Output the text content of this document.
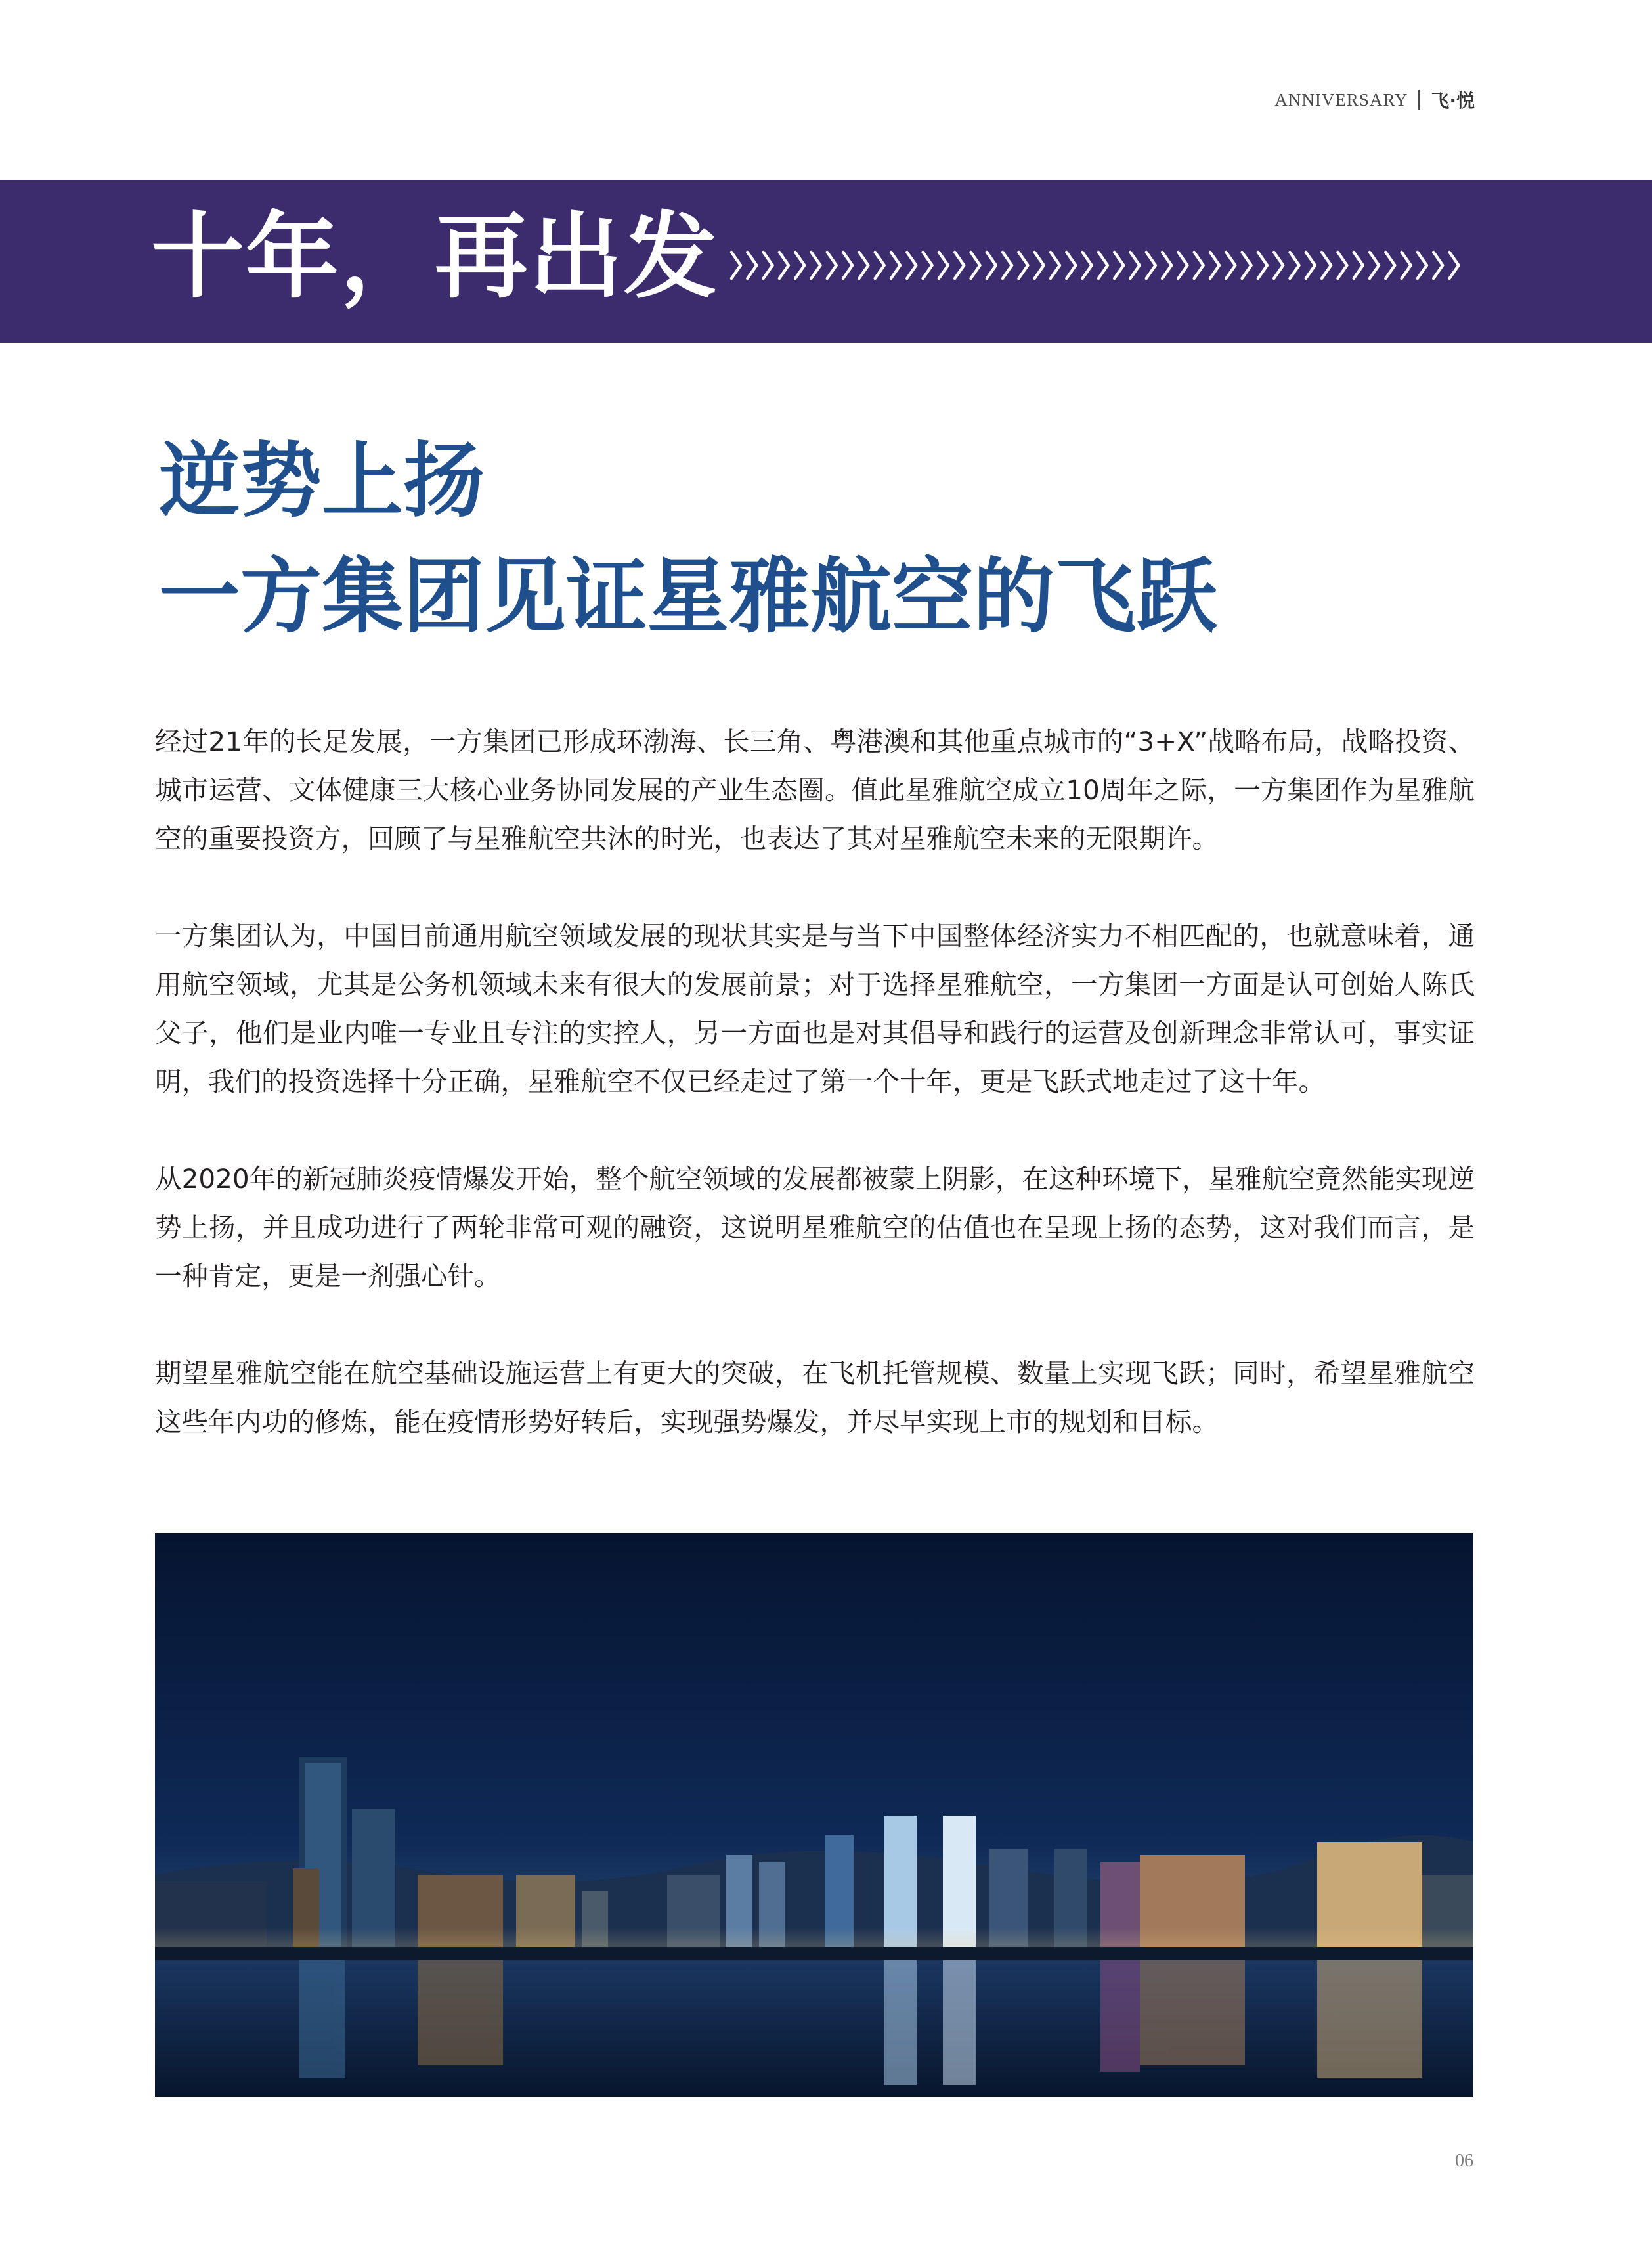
ANNIVERSARY 飞·悦
十年，再出发
逆势上扬
一方集团见证星雅航空的飞跃

经过21年的长足发展，一方集团已形成环渤海、长三角、粤港澳和其他重点城市的“3+X”战略布局，战略投资、城市运营、文体健康三大核心业务协同发展的产业生态圈。值此星雅航空成立10周年之际，一方集团作为星雅航空的重要投资方，回顾了与星雅航空共沐的时光，也表达了其对星雅航空未来的无限期许。

一方集团认为，中国目前通用航空领域发展的现状其实是与当下中国整体经济实力不相匹配的，也就意味着，通用航空领域，尤其是公务机领域未来有很大的发展前景；对于选择星雅航空，一方集团一方面是认可创始人陈氏父子，他们是业内唯一专业且专注的实控人，另一方面也是对其倡导和践行的运营及创新理念非常认可，事实证明，我们的投资选择十分正确，星雅航空不仅已经走过了第一个十年，更是飞跃式地走过了这十年。

从2020年的新冠肺炎疫情爆发开始，整个航空领域的发展都被蒙上阴影，在这种环境下，星雅航空竟然能实现逆势上扬，并且成功进行了两轮非常可观的融资，这说明星雅航空的估值也在呈现上扬的态势，这对我们而言，是一种肯定，更是一剂强心针。

期望星雅航空能在航空基础设施运营上有更大的突破，在飞机托管规模、数量上实现飞跃；同时，希望星雅航空这些年内功的修炼，能在疫情形势好转后，实现强势爆发，并尽早实现上市的规划和目标。

06
